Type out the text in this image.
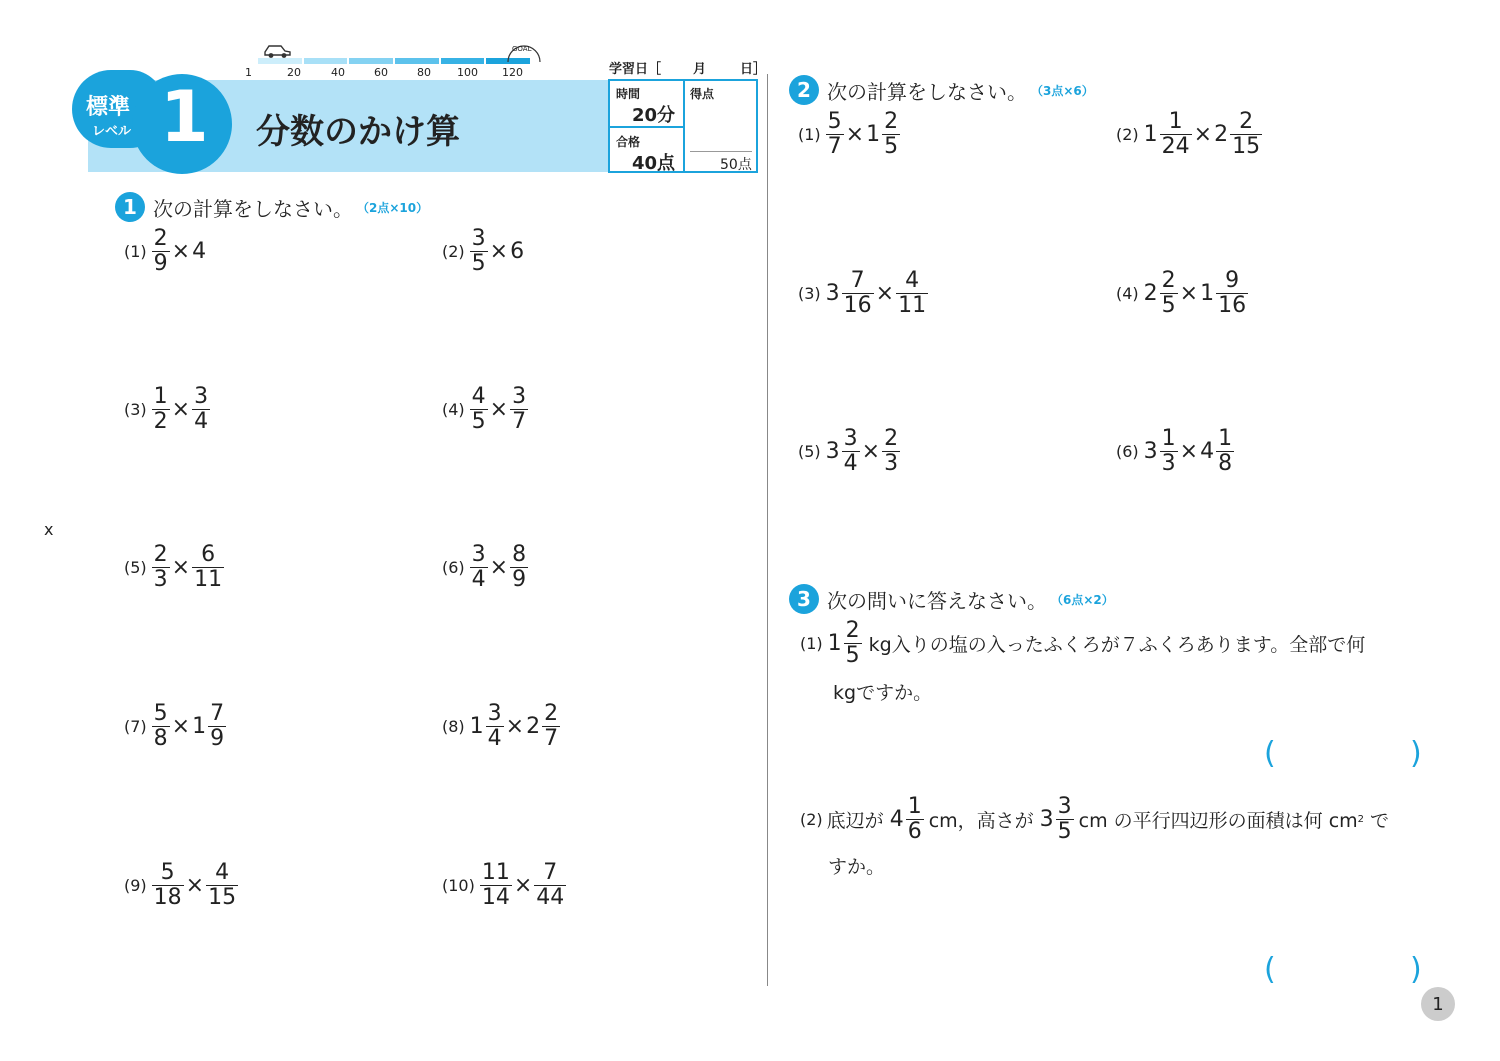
GOAL
1	20	40	60	80 100 120
標準
レベル 1 分数のかけ算
学習日［ 月	日］
時間
20分
得点
合格
40点	50点
x
1 次の計算をしなさい。 （2点×10）
$(1) \frac{2}{9} \times 4$	$(2) \frac{3}{5} \times 6$
$(3) \frac{1}{2} \times \frac{3}{4}$	$(4) \frac{4}{5} \times \frac{3}{7}$
$(5) \frac{2}{3} \times \frac{6}{11}$	$(6) \frac{3}{4} \times \frac{8}{9}$
$(7) \frac{5}{8} \times 1 \frac{7}{9}$	(8) $1 \frac{3}{4} \times 2 \frac{2}{7}$
$(9) \frac{5}{18} \times \frac{4}{15}$	$(10) \frac{11}{14} \times \frac{7}{44}$
2 次の計算をしなさい。 （3点×6）
$(1) \frac{5}{7} \times 1 \frac{2}{5}$	(2) $1 \frac{1}{24} \times 2 \frac{2}{15}$
(3) $3 \frac{7}{16} \times \frac{4}{11}$	(4) $2 \frac{2}{5} \times 1 \frac{9}{16}$
(5) $3 \frac{3}{4} \times \frac{2}{3}$	(6) $3 \frac{1}{3} \times 4 \frac{1}{8}$
3 次の問いに答えなさい。 （6点×2）
(1) $1 \frac{2}{5}$ kg入りの塩の入ったふくろが７ふくろあります。全部で何
kgですか。
(	)
(2) 底辺が $4 \frac{1}{6}$ cm，高さが $3 \frac{3}{5}$ cm の平行四辺形の面積は何 cm 2 で
すか。
(	)
1
